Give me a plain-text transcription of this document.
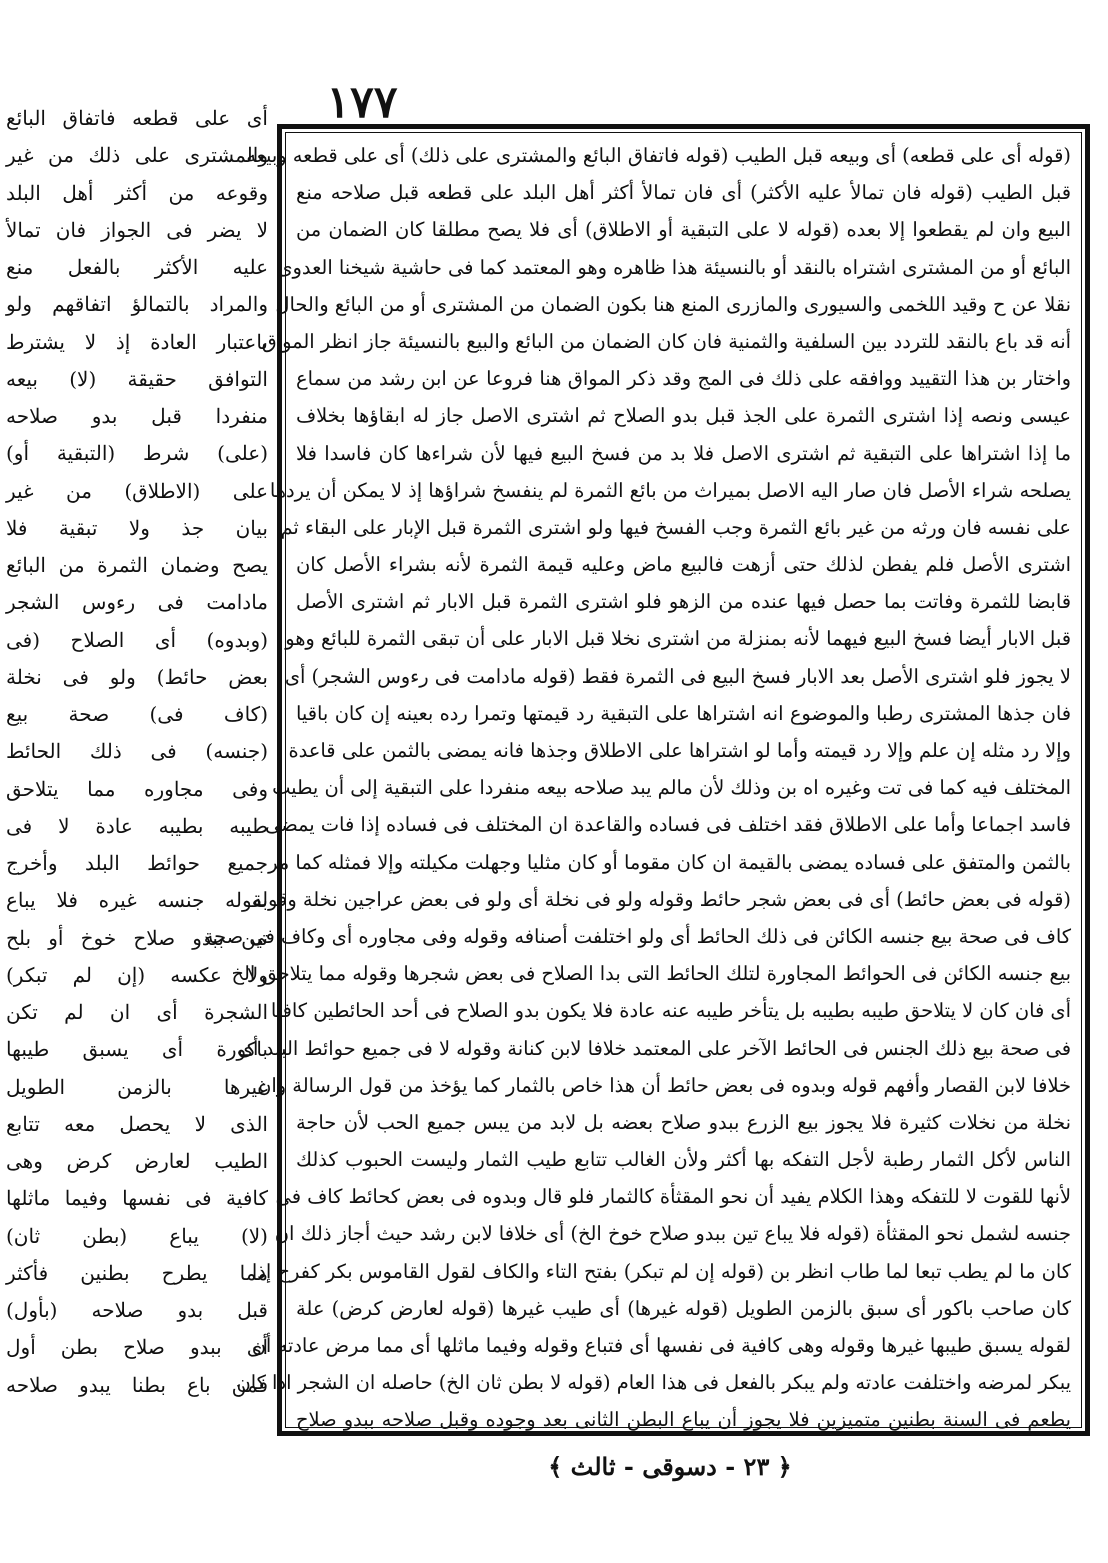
١٧٧
أى على قطعه فاتفاق البائع
والمشترى على ذلك من غير
وقوعه من أكثر أهل البلد
لا يضر فى الجواز فان تمالأ
عليه الأكثر بالفعل منع
والمراد بالتمالؤ اتفاقهم ولو
باعتبار العادة إذ لا يشترط
التوافق حقيقة (لا) بيعه
منفردا قبل بدو صلاحه
(على) شرط (التبقية أو)
على (الاطلاق) من غير
بيان جذ ولا تبقية فلا
يصح وضمان الثمرة من البائع
مادامت فى رءوس الشجر
(وبدوه) أى الصلاح (فى
بعض حائط) ولو فى نخلة
(كاف فى) صحة بيع
(جنسه) فى ذلك الحائط
وفى مجاوره مما يتلاحق
طيبه بطيبه عادة لا فى
جميع حوائط البلد وأخرج
بقوله جنسه غيره فلا يباع
تين ببدو صلاح خوخ أو بلح
ولا عكسه (إن لم تبكر)
الشجرة أى ان لم تكن
باكورة أى يسبق طيبها
غيرها بالزمن الطويل
الذى لا يحصل معه تتابع
الطيب لعارض كرض وهى
كافية فى نفسها وفيما ماثلها
(لا) يباع (بطن ثان)
مما يطرح بطنين فأكثر
قبل بدو صلاحه (بأول)
أى ببدو صلاح بطن أول
فمن باع بطنا يبدو صلاحه
(قوله أى على قطعه) أى وبيعه قبل الطيب (قوله فاتفاق البائع والمشترى على ذلك) أى على قطعه وبيعه
قبل الطيب (قوله فان تمالأ عليه الأكثر) أى فان تمالأ أكثر أهل البلد على قطعه قبل صلاحه منع
البيع وان لم يقطعوا إلا بعده (قوله لا على التبقية أو الاطلاق) أى فلا يصح مطلقا كان الضمان من
البائع أو من المشترى اشتراه بالنقد أو بالنسيئة هذا ظاهره وهو المعتمد كما فى حاشية شيخنا العدوى
نقلا عن ح وقيد اللخمى والسيورى والمازرى المنع هنا بكون الضمان من المشترى أو من البائع والحال
أنه قد باع بالنقد للتردد بين السلفية والثمنية فان كان الضمان من البائع والبيع بالنسيئة جاز انظر المواق
واختار بن هذا التقييد ووافقه على ذلك فى المج وقد ذكر المواق هنا فروعا عن ابن رشد من سماع
عيسى ونصه إذا اشترى الثمرة على الجذ قبل بدو الصلاح ثم اشترى الاصل جاز له ابقاؤها بخلاف
ما إذا اشتراها على التبقية ثم اشترى الاصل فلا بد من فسخ البيع فيها لأن شراءها كان فاسدا فلا
يصلحه شراء الأصل فان صار اليه الاصل بميراث من بائع الثمرة لم ينفسخ شراؤها إذ لا يمكن أن يردها
على نفسه فان ورثه من غير بائع الثمرة وجب الفسخ فيها ولو اشترى الثمرة قبل الإبار على البقاء ثم
اشترى الأصل فلم يفطن لذلك حتى أزهت فالبيع ماض وعليه قيمة الثمرة لأنه بشراء الأصل كان
قابضا للثمرة وفاتت بما حصل فيها عنده من الزهو فلو اشترى الثمرة قبل الابار ثم اشترى الأصل
قبل الابار أيضا فسخ البيع فيهما لأنه بمنزلة من اشترى نخلا قبل الابار على أن تبقى الثمرة للبائع وهو
لا يجوز فلو اشترى الأصل بعد الابار فسخ البيع فى الثمرة فقط (قوله مادامت فى رءوس الشجر) أى
فان جذها المشترى رطبا والموضوع انه اشتراها على التبقية رد قيمتها وتمرا رده بعينه إن كان باقيا
وإلا رد مثله إن علم وإلا رد قيمته وأما لو اشتراها على الاطلاق وجذها فانه يمضى بالثمن على قاعدة
المختلف فيه كما فى تت وغيره اه بن وذلك لأن مالم يبد صلاحه بيعه منفردا على التبقية إلى أن يطيب
فاسد اجماعا وأما على الاطلاق فقد اختلف فى فساده والقاعدة ان المختلف فى فساده إذا فات يمضى
بالثمن والمتفق على فساده يمضى بالقيمة ان كان مقوما أو كان مثليا وجهلت مكيلته وإلا فمثله كما مر
(قوله فى بعض حائط) أى فى بعض شجر حائط وقوله ولو فى نخلة أى ولو فى بعض عراجين نخلة وقوله
كاف فى صحة بيع جنسه الكائن فى ذلك الحائط أى ولو اختلفت أصنافه وقوله وفى مجاوره أى وكاف فى صحة
بيع جنسه الكائن فى الحوائط المجاورة لتلك الحائط التى بدا الصلاح فى بعض شجرها وقوله مما يتلاحق الخ
أى فان كان لا يتلاحق طيبه بطيبه بل يتأخر طيبه عنه عادة فلا يكون بدو الصلاح فى أحد الحائطين كافيا
فى صحة بيع ذلك الجنس فى الحائط الآخر على المعتمد خلافا لابن كنانة وقوله لا فى جميع حوائط البلد أى
خلافا لابن القصار وأفهم قوله وبدوه فى بعض حائط أن هذا خاص بالثمار كما يؤخذ من قول الرسالة وان
نخلة من نخلات كثيرة فلا يجوز بيع الزرع ببدو صلاح بعضه بل لابد من يبس جميع الحب لأن حاجة
الناس لأكل الثمار رطبة لأجل التفكه بها أكثر ولأن الغالب تتابع طيب الثمار وليست الحبوب كذلك
لأنها للقوت لا للتفكه وهذا الكلام يفيد أن نحو المقثأة كالثمار فلو قال وبدوه فى بعض كحائط كاف فى
جنسه لشمل نحو المقثأة (قوله فلا يباع تين ببدو صلاح خوخ الخ) أى خلافا لابن رشد حيث أجاز ذلك ان
كان ما لم يطب تبعا لما طاب انظر بن (قوله إن لم تبكر) بفتح التاء والكاف لقول القاموس بكر كفرح إذا
كان صاحب باكور أى سبق بالزمن الطويل (قوله غيرها) أى طيب غيرها (قوله لعارض كرض) علة
لقوله يسبق طيبها غيرها وقوله وهى كافية فى نفسها أى فتباع وقوله وفيما ماثلها أى مما مرض عادته أن
يبكر لمرضه واختلفت عادته ولم يبكر بالفعل فى هذا العام (قوله لا بطن ثان الخ) حاصله ان الشجر اذا كان
يطعم فى السنة بطنين متميزين فلا يجوز أن يباع البطن الثانى بعد وجوده وقبل صلاحه ببدو صلاح
﴿ ٢٣ - دسوقى - ثالث ﴾
